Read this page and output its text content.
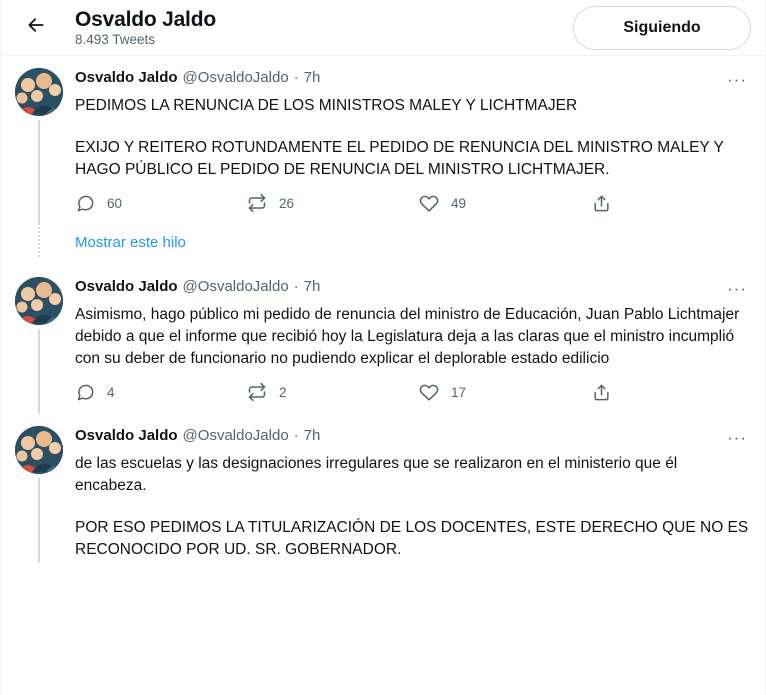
Osvaldo Jaldo
8.493 Tweets
Siguiendo
Osvaldo Jaldo @OsvaldoJaldo · 7h	···
PEDIMOS LA RENUNCIA DE LOS MINISTROS MALEY Y LICHTMAJER
EXIJO Y REITERO ROTUNDAMENTE EL PEDIDO DE RENUNCIA DEL MINISTRO MALEY Y HAGO PÚBLICO EL PEDIDO DE RENUNCIA DEL MINISTRO LICHTMAJER.
60	26	49
Mostrar este hilo
Osvaldo Jaldo @OsvaldoJaldo · 7h	···
Asimismo, hago público mi pedido de renuncia del ministro de Educación, Juan Pablo Lichtmajer debido a que el informe que recibió hoy la Legislatura deja a las claras que el ministro incumplió con su deber de funcionario no pudiendo explicar el deplorable estado edilicio
4	2	17
Osvaldo Jaldo @OsvaldoJaldo · 7h	···
de las escuelas y las designaciones irregulares que se realizaron en el ministerio que él encabeza.
POR ESO PEDIMOS LA TITULARIZACIÓN DE LOS DOCENTES, ESTE DERECHO QUE NO ES RECONOCIDO POR UD. SR. GOBERNADOR.
